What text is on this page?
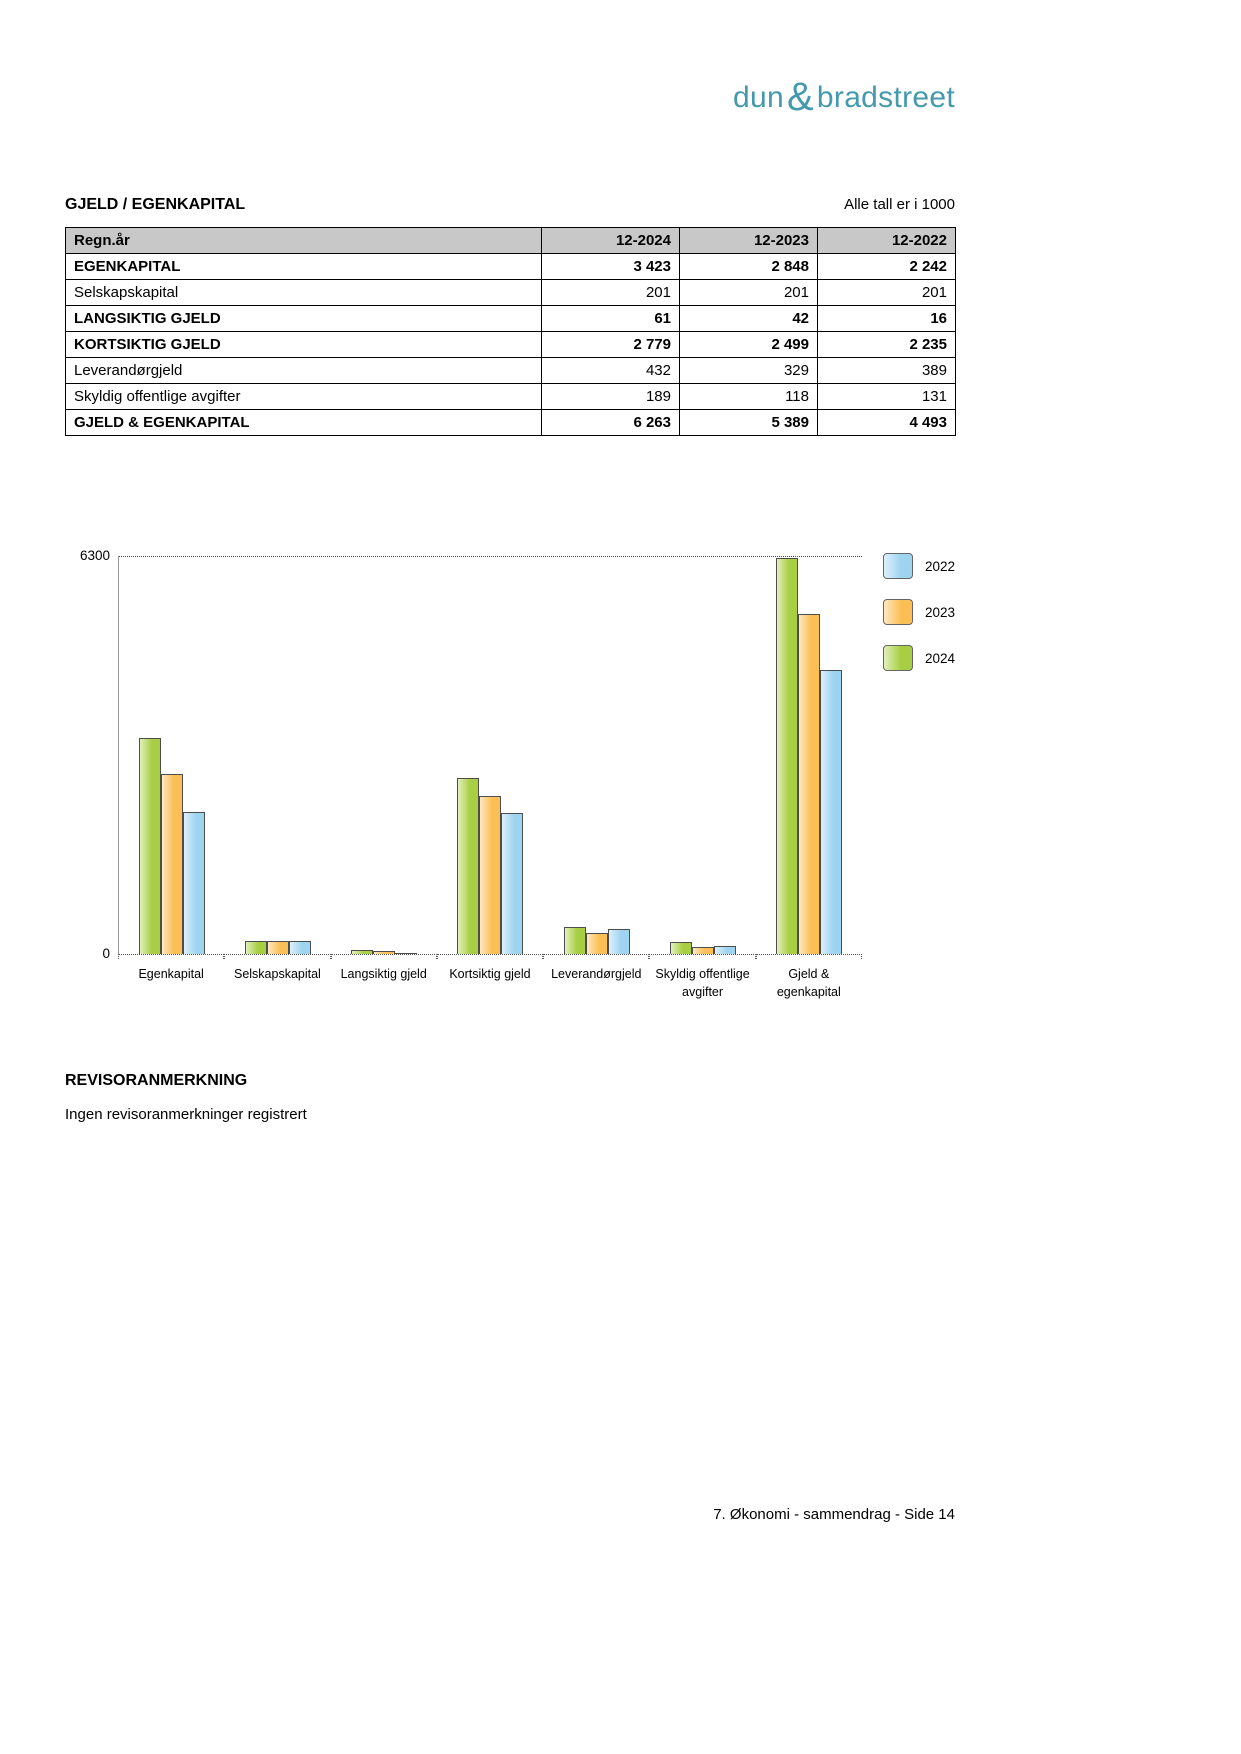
dun& bradstreet
GJELD / EGENKAPITAL	Alle tall er i 1000
Regn.år	12-2024	12-2023	12-2022
EGENKAPITAL	3 423	2 848	2 242
Selskapskapital	201	201	201
LANGSIKTIG GJELD	61	42	16
KORTSIKTIG GJELD	2 779	2 499	2 235
Leverandørgjeld	432	329	389
Skyldig offentlige avgifter	189	118	131
GJELD & EGENKAPITAL	6 263	5 389	4 493
6300
0
Egenkapital	Selskapskapital	Langsiktig gjeld	Kortsiktig gjeld	Leverandørgjeld	Skyldig offentlige avgifter
Gjeld & egenkapital
2022
2023
2024
REVISORANMERKNING
Ingen revisoranmerkninger registrert
7. Økonomi - sammendrag - Side 14
